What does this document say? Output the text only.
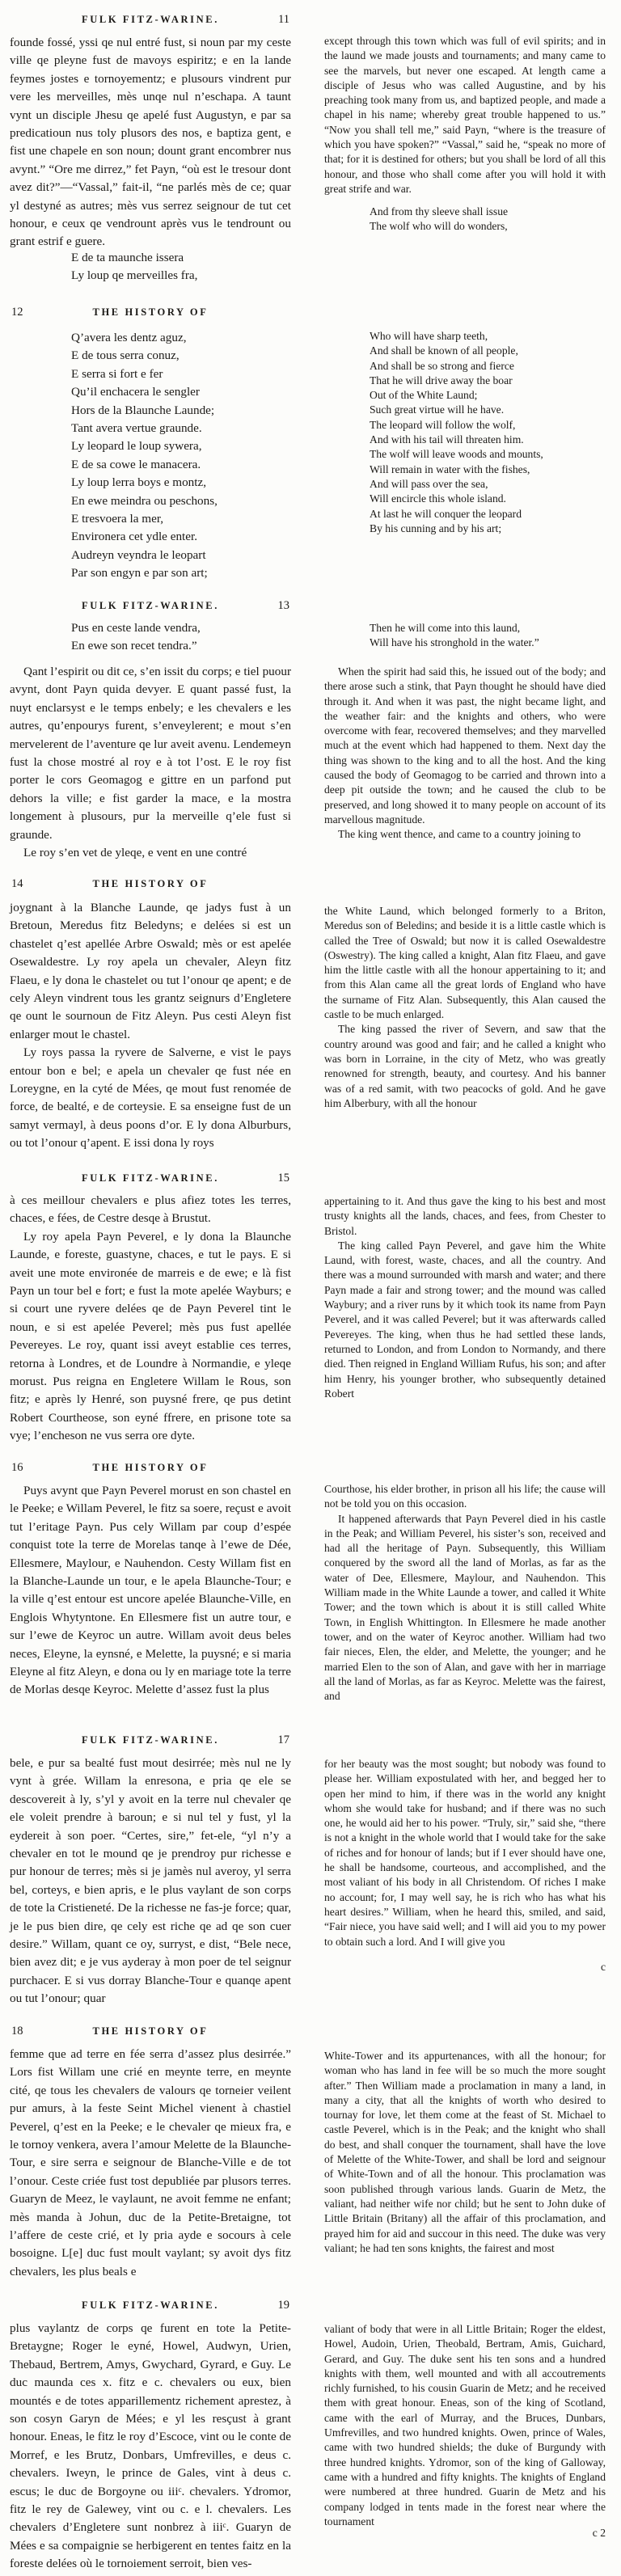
11
FULK FITZ-WARINE.

founde fossé, yssi qe nul entré fust, si noun par my ceste ville qe pleyne fust de mavoys espiritz; e en la lande feymes jostes e tornoyementz; e plusours vindrent pur vere les merveilles, mès unqe nul n’eschapa. A taunt vynt un disciple Jhesu qe apelé fust Augustyn, e par sa predicatioun nus toly plusors des nos, e baptiza gent, e fist une chapele en son noun; dount grant encombrer nus avynt.” “Ore me dirrez,” fet Payn, “où est le tresour dont avez dit?”—“Vassal,” fait-il, “ne parlés mès de ce; quar yl destyné as autres; mès vus serrez seignour de tut cet honour, e ceux qe vendrount après vus le tendrount ou grant estrif e guere.

E de ta maunche issera
Ly loup qe merveilles fra,
12	THE HISTORY OF
Q’avera les dentz aguz,
E de tous serra conuz,
E serra si fort e fer
Qu’il enchacera le sengler
Hors de la Blaunche Launde;
Tant avera vertue graunde.
Ly leopard le loup sywera,
E de sa cowe le manacera.
Ly loup lerra boys e montz,
En ewe meindra ou peschons,
E tresvoera la mer,
Environera cet ydle enter.
Audreyn veyndra le leopart
Par son engyn e par son art;
13
FULK FITZ-WARINE.
Pus en ceste lande vendra,
En ewe son recet tendra.”

Qant l’espirit ou dit ce, s’en issit du corps; e tiel puour avynt, dont Payn quida devyer. E quant passé fust, la nuyt enclarsyst e le temps enbely; e les chevalers e les autres, qu’enpourys furent, s’enveylerent; e mout s’en mervelerent de l’aventure qe lur aveit avenu. Lendemeyn fust la chose mostré al roy e à tot l’ost. E le roy fist porter le cors Geomagog e gittre en un parfond put dehors la ville; e fist garder la mace, e la mostra longement à plusours, pur la merveille q’ele fust si graunde.

Le roy s’en vet de yleqe, e vent en une contré

14	THE HISTORY OF

joygnant à la Blanche Launde, qe jadys fust à un Bretoun, Meredus fitz Beledyns; e delées si est un chastelet q’est apellée Arbre Oswald; mès or est apelée Osewaldestre. Ly roy apela un chevaler, Aleyn fitz Flaeu, e ly dona le chastelet ou tut l’onour qe apent; e de cely Aleyn vindrent tous les grantz seignurs d’Engletere qe ount le sournoun de Fitz Aleyn. Pus cesti Aleyn fist enlarger mout le chastel.

Ly roys passa la ryvere de Salverne, e vist le pays entour bon e bel; e apela un chevaler qe fust née en Loreygne, en la cyté de Mées, qe mout fust renomée de force, de bealté, e de corteysie. E sa enseigne fust de un samyt vermayl, à deus poons d’or. E ly dona Alburburs, ou tot l’onour q’apent. E issi dona ly roys

15
FULK FITZ-WARINE.

à ces meillour chevalers e plus afiez totes les terres, chaces, e fées, de Cestre desqe à Brustut.

Ly roy apela Payn Peverel, e ly dona la Blaunche Launde, e foreste, guastyne, chaces, e tut le pays. E si aveit une mote environée de marreis e de ewe; e là fist Payn un tour bel e fort; e fust la mote apelée Wayburs; e si court une ryvere delées qe de Payn Peverel tint le noun, e si est apelée Peverel; mès pus fust apellée Pevereyes. Le roy, quant issi aveyt establie ces terres, retorna à Londres, et de Loundre à Normandie, e yleqe morust. Pus reigna en Engletere Willam le Rous, son fitz; e après ly Henré, son puysné frere, qe pus detint Robert Courtheose, son eyné ffrere, en prisone tote sa vye; l’encheson ne vus serra ore dyte.

16	THE HISTORY OF

Puys avynt que Payn Peverel morust en son chastel en le Peeke; e Willam Peverel, le fitz sa soere, reçust e avoit tut l’eritage Payn. Pus cely Willam par coup d’espée conquist tote la terre de Morelas tanqe à l’ewe de Dée, Ellesmere, Maylour, e Nauhendon. Cesty Willam fist en la Blanche-Launde un tour, e le apela Blaunche-Tour; e la ville q’est entour est uncore apelée Blaunche-Ville, en Englois Whytyntone. En Ellesmere fist un autre tour, e sur l’ewe de Keyroc un autre. Willam avoit deus beles neces, Eleyne, la eynsné, e Melette, la puysné; e si maria Eleyne al fitz Aleyn, e dona ou ly en mariage tote la terre de Morlas desqe Keyroc. Melette d’assez fust la plus

17
FULK FITZ-WARINE.

bele, e pur sa bealté fust mout desirrée; mès nul ne ly vynt à grée. Willam la enresona, e pria qe ele se descovereit à ly, s’yl y avoit en la terre nul chevaler qe ele voleit prendre à baroun; e si nul tel y fust, yl la eydereit à son poer. “Certes, sire,” fet-ele, “yl n’y a chevaler en tot le mound qe je prendroy pur richesse e pur honour de terres; mès si je jamès nul averoy, yl serra bel, corteys, e bien apris, e le plus vaylant de son corps de tote la Cristieneté. De la richesse ne fas-je force; quar, je le pus bien dire, qe cely est riche qe ad qe son cuer desire.” Willam, quant ce oy, surryst, e dist, “Bele nece, bien avez dit; e je vus ayderay à mon poer de tel seignur purchacer. E si vus dorray Blanche-Tour e quanqe apent ou tut l’onour; quar

18	THE HISTORY OF

femme que ad terre en fée serra d’assez plus desirrée.” Lors fist Willam une crié en meynte terre, en meynte cité, qe tous les chevalers de valours qe torneier veilent pur amurs, à la feste Seint Michel vienent à chastiel Peverel, q’est en la Peeke; e le chevaler qe mieux fra, e le tornoy venkera, avera l’amour Melette de la Blaunche-Tour, e sire serra e seignour de Blanche-Ville e de tot l’onour. Ceste criée fust tost depubliée par plusors terres. Guaryn de Meez, le vaylaunt, ne avoit femme ne enfant; mès manda à Johun, duc de la Petite-Bretaigne, tot l’affere de ceste crié, et ly pria ayde e socours à cele bosoigne. L[e] duc fust moult vaylant; sy avoit dys fitz chevalers, les plus beals e

19
FULK FITZ-WARINE.

plus vaylantz de corps qe furent en tote la Petite-Bretaygne; Roger le eyné, Howel, Audwyn, Urien, Thebaud, Bertrem, Amys, Gwychard, Gyrard, e Guy. Le duc maunda ces x. fitz e c. chevalers ou eux, bien mountés e de totes apparillementz richement aprestez, à son cosyn Garyn de Mées; e yl les resçust à grant honour. Eneas, le fitz le roy d’Escoce, vint ou le conte de Morref, e les Brutz, Donbars, Umfrevilles, e deus c. chevalers. Iweyn, le prince de Gales, vint à deus c. escus; le duc de Borgoyne ou iiiᶜ. chevalers. Ydromor, fitz le rey de Galewey, vint ou c. e l. chevalers. Les chevalers d’Engletere sunt nonbrez à iiiᶜ. Guaryn de Mées e sa compaignie se herbigerent en tentes faitz en la foreste delées où le tornoiement serroit, bien ves-

except through this town which was full of evil spirits; and in the laund we made jousts and tournaments; and many came to see the marvels, but never one escaped. At length came a disciple of Jesus who was called Augustine, and by his preaching took many from us, and baptized people, and made a chapel in his name; whereby great trouble happened to us.” “Now you shall tell me,” said Payn, “where is the treasure of which you have spoken?” “Vassal,” said he, “speak no more of that; for it is destined for others; but you shall be lord of all this honour, and those who shall come after you will hold it with great strife and war.

And from thy sleeve shall issue
The wolf who will do wonders,
Who will have sharp teeth,
And shall be known of all people,
And shall be so strong and fierce
That he will drive away the boar
Out of the White Laund;
Such great virtue will he have.
The leopard will follow the wolf,
And with his tail will threaten him.
The wolf will leave woods and mounts,
Will remain in water with the fishes,
And will pass over the sea,
Will encircle this whole island.
At last he will conquer the leopard
By his cunning and by his art;
Then he will come into this laund,
Will have his stronghold in the water.”

When the spirit had said this, he issued out of the body; and there arose such a stink, that Payn thought he should have died through it. And when it was past, the night became light, and the weather fair: and the knights and others, who were overcome with fear, recovered themselves; and they marvelled much at the event which had happened to them. Next day the thing was shown to the king and to all the host. And the king caused the body of Geomagog to be carried and thrown into a deep pit outside the town; and he caused the club to be preserved, and long showed it to many people on account of its marvellous magnitude.

The king went thence, and came to a country joining to

the White Laund, which belonged formerly to a Briton, Meredus son of Beledins; and beside it is a little castle which is called the Tree of Oswald; but now it is called Osewaldestre (Oswestry). The king called a knight, Alan fitz Flaeu, and gave him the little castle with all the honour appertaining to it; and from this Alan came all the great lords of England who have the surname of Fitz Alan. Subsequently, this Alan caused the castle to be much enlarged.

The king passed the river of Severn, and saw that the country around was good and fair; and he called a knight who was born in Lorraine, in the city of Metz, who was greatly renowned for strength, beauty, and courtesy. And his banner was of a red samit, with two peacocks of gold. And he gave him Alberbury, with all the honour

appertaining to it. And thus gave the king to his best and most trusty knights all the lands, chaces, and fees, from Chester to Bristol.

The king called Payn Peverel, and gave him the White Laund, with forest, waste, chaces, and all the country. And there was a mound surrounded with marsh and water; and there Payn made a fair and strong tower; and the mound was called Waybury; and a river runs by it which took its name from Payn Peverel, and it was called Peverel; but it was afterwards called Pevereyes. The king, when thus he had settled these lands, returned to London, and from London to Normandy, and there died. Then reigned in England William Rufus, his son; and after him Henry, his younger brother, who subsequently detained Robert

Courthose, his elder brother, in prison all his life; the cause will not be told you on this occasion.

It happened afterwards that Payn Peverel died in his castle in the Peak; and William Peverel, his sister’s son, received and had all the heritage of Payn. Subsequently, this William conquered by the sword all the land of Morlas, as far as the water of Dee, Ellesmere, Maylour, and Nauhendon. This William made in the White Launde a tower, and called it White Tower; and the town which is about it is still called White Town, in English Whittington. In Ellesmere he made another tower, and on the water of Keyroc another. William had two fair nieces, Elen, the elder, and Melette, the younger; and he married Elen to the son of Alan, and gave with her in marriage all the land of Morlas, as far as Keyroc. Melette was the fairest, and

for her beauty was the most sought; but nobody was found to please her. William expostulated with her, and begged her to open her mind to him, if there was in the world any knight whom she would take for husband; and if there was no such one, he would aid her to his power. “Truly, sir,” said she, “there is not a knight in the whole world that I would take for the sake of riches and for honour of lands; but if I ever should have one, he shall be handsome, courteous, and accomplished, and the most valiant of his body in all Christendom. Of riches I make no account; for, I may well say, he is rich who has what his heart desires.” William, when he heard this, smiled, and said, “Fair niece, you have said well; and I will aid you to my power to obtain such a lord. And I will give you

c

White-Tower and its appurtenances, with all the honour; for woman who has land in fee will be so much the more sought after.” Then William made a proclamation in many a land, in many a city, that all the knights of worth who desired to tournay for love, let them come at the feast of St. Michael to castle Peverel, which is in the Peak; and the knight who shall do best, and shall conquer the tournament, shall have the love of Melette of the White-Tower, and shall be lord and seignour of White-Town and of all the honour. This proclamation was soon published through various lands. Guarin de Metz, the valiant, had neither wife nor child; but he sent to John duke of Little Britain (Britany) all the affair of this proclamation, and prayed him for aid and succour in this need. The duke was very valiant; he had ten sons knights, the fairest and most

valiant of body that were in all Little Britain; Roger the eldest, Howel, Audoin, Urien, Theobald, Bertram, Amis, Guichard, Gerard, and Guy. The duke sent his ten sons and a hundred knights with them, well mounted and with all accoutrements richly furnished, to his cousin Guarin de Metz; and he received them with great honour. Eneas, son of the king of Scotland, came with the earl of Murray, and the Bruces, Dunbars, Umfrevilles, and two hundred knights. Owen, prince of Wales, came with two hundred shields; the duke of Burgundy with three hundred knights. Ydromor, son of the king of Galloway, came with a hundred and fifty knights. The knights of England were numbered at three hundred. Guarin de Metz and his company lodged in tents made in the forest near where the tournament

c 2
